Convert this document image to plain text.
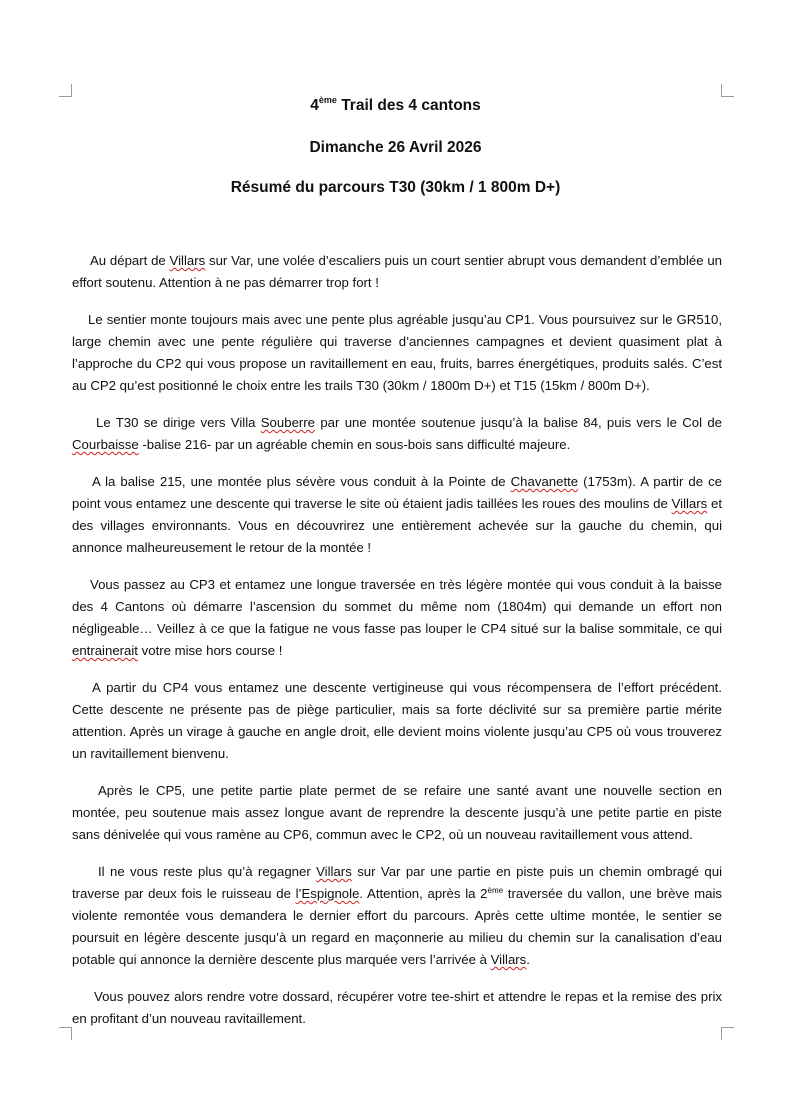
4ème Trail des 4 cantons
Dimanche 26 Avril 2026
Résumé du parcours T30 (30km / 1 800m D+)

Au départ de Villars sur Var, une volée d’escaliers puis un court sentier abrupt vous demandent d’emblée un effort soutenu. Attention à ne pas démarrer trop fort !

Le sentier monte toujours mais avec une pente plus agréable jusqu’au CP1. Vous poursuivez sur le GR510, large chemin avec une pente régulière qui traverse d’anciennes campagnes et devient quasiment plat à l’approche du CP2 qui vous propose un ravitaillement en eau, fruits, barres énergétiques, produits salés. C’est au CP2 qu’est positionné le choix entre les trails T30 (30km / 1800m D+) et T15 (15km / 800m D+).

Le T30 se dirige vers Villa Souberre par une montée soutenue jusqu’à la balise 84, puis vers le Col de Courbaisse -balise 216- par un agréable chemin en sous-bois sans difficulté majeure.

A la balise 215, une montée plus sévère vous conduit à la Pointe de Chavanette (1753m). A partir de ce point vous entamez une descente qui traverse le site où étaient jadis taillées les roues des moulins de Villars et des villages environnants. Vous en découvrirez une entièrement achevée sur la gauche du chemin, qui annonce malheureusement le retour de la montée !

Vous passez au CP3 et entamez une longue traversée en très légère montée qui vous conduit à la baisse des 4 Cantons où démarre l’ascension du sommet du même nom (1804m) qui demande un effort non négligeable… Veillez à ce que la fatigue ne vous fasse pas louper le CP4 situé sur la balise sommitale, ce qui entrainerait votre mise hors course !

A partir du CP4 vous entamez une descente vertigineuse qui vous récompensera de l’effort précédent. Cette descente ne présente pas de piège particulier, mais sa forte déclivité sur sa première partie mérite attention. Après un virage à gauche en angle droit, elle devient moins violente jusqu’au CP5 où vous trouverez un ravitaillement bienvenu.

Après le CP5, une petite partie plate permet de se refaire une santé avant une nouvelle section en montée, peu soutenue mais assez longue avant de reprendre la descente jusqu’à une petite partie en piste sans dénivelée qui vous ramène au CP6, commun avec le CP2, où un nouveau ravitaillement vous attend.

Il ne vous reste plus qu’à regagner Villars sur Var par une partie en piste puis un chemin ombragé qui traverse par deux fois le ruisseau de l’Espignole. Attention, après la 2ème traversée du vallon, une brève mais violente remontée vous demandera le dernier effort du parcours. Après cette ultime montée, le sentier se poursuit en légère descente jusqu’à un regard en maçonnerie au milieu du chemin sur la canalisation d’eau potable qui annonce la dernière descente plus marquée vers l’arrivée à Villars.

Vous pouvez alors rendre votre dossard, récupérer votre tee-shirt et attendre le repas et la remise des prix en profitant d’un nouveau ravitaillement.
